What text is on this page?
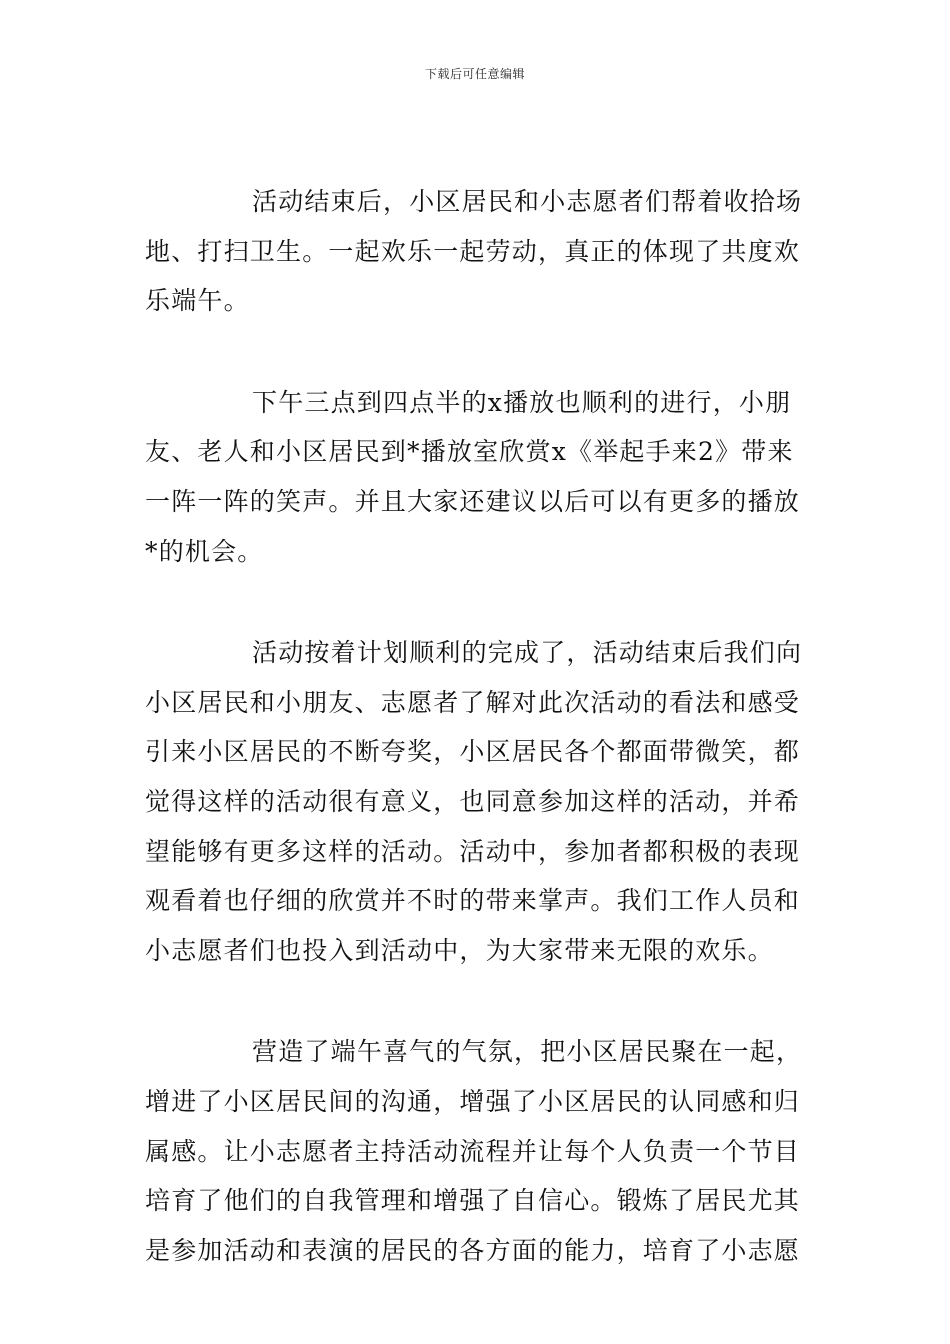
下载后可任意编辑

活动结束后，小区居民和小志愿者们帮着收拾场地、打扫卫生。一起欢乐一起劳动，真正的体现了共度欢乐端午。

下午三点到四点半的x播放也顺利的进行，小朋友、老人和小区居民到*播放室欣赏x《举起手来2》带来一阵一阵的笑声。并且大家还建议以后可以有更多的播放*的机会。

活动按着计划顺利的完成了，活动结束后我们向小区居民和小朋友、志愿者了解对此次活动的看法和感受引来小区居民的不断夸奖，小区居民各个都面带微笑，都觉得这样的活动很有意义，也同意参加这样的活动，并希望能够有更多这样的活动。活动中，参加者都积极的表现观看着也仔细的欣赏并不时的带来掌声。我们工作人员和小志愿者们也投入到活动中，为大家带来无限的欢乐。

营造了端午喜气的气氛，把小区居民聚在一起，增进了小区居民间的沟通，增强了小区居民的认同感和归属感。让小志愿者主持活动流程并让每个人负责一个节目培育了他们的自我管理和增强了自信心。锻炼了居民尤其是参加活动和表演的居民的各方面的能力，培育了小志愿
